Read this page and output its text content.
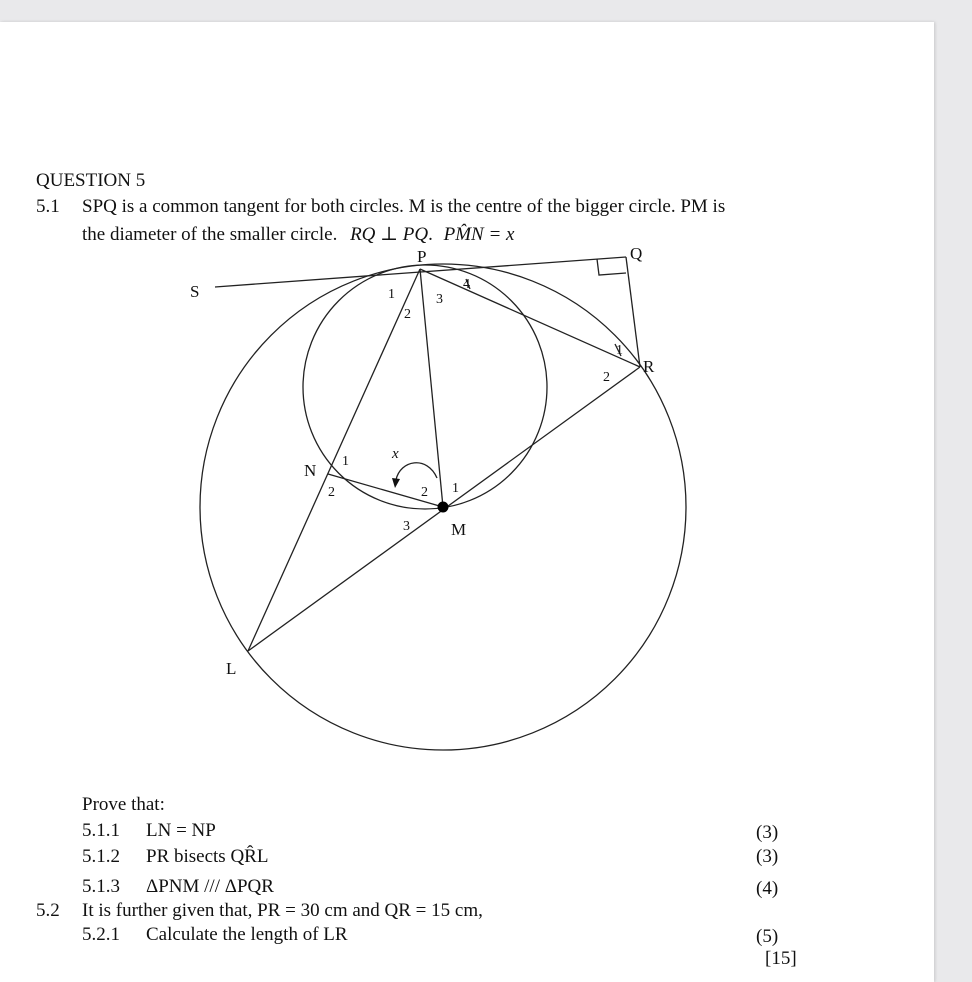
QUESTION 5
5.1 SPQ is a common tangent for both circles. M is the centre of the bigger circle. PM is
the diameter of the smaller circle. RQ ⊥ PQ. PM̂N = x
S
P	Q
R
N
M
L
x
1
2
3
4
1
2
1
2	1
2
3
Prove that:
5.1.1 LN = NP	(3)
5.1.2 PR bisects QR̂L	(3)
5.1.3 ΔPNM /// ΔPQR	(4)
5.2 It is further given that, PR = 30 cm and QR = 15 cm,
5.2.1 Calculate the length of LR	(5)
[15]
